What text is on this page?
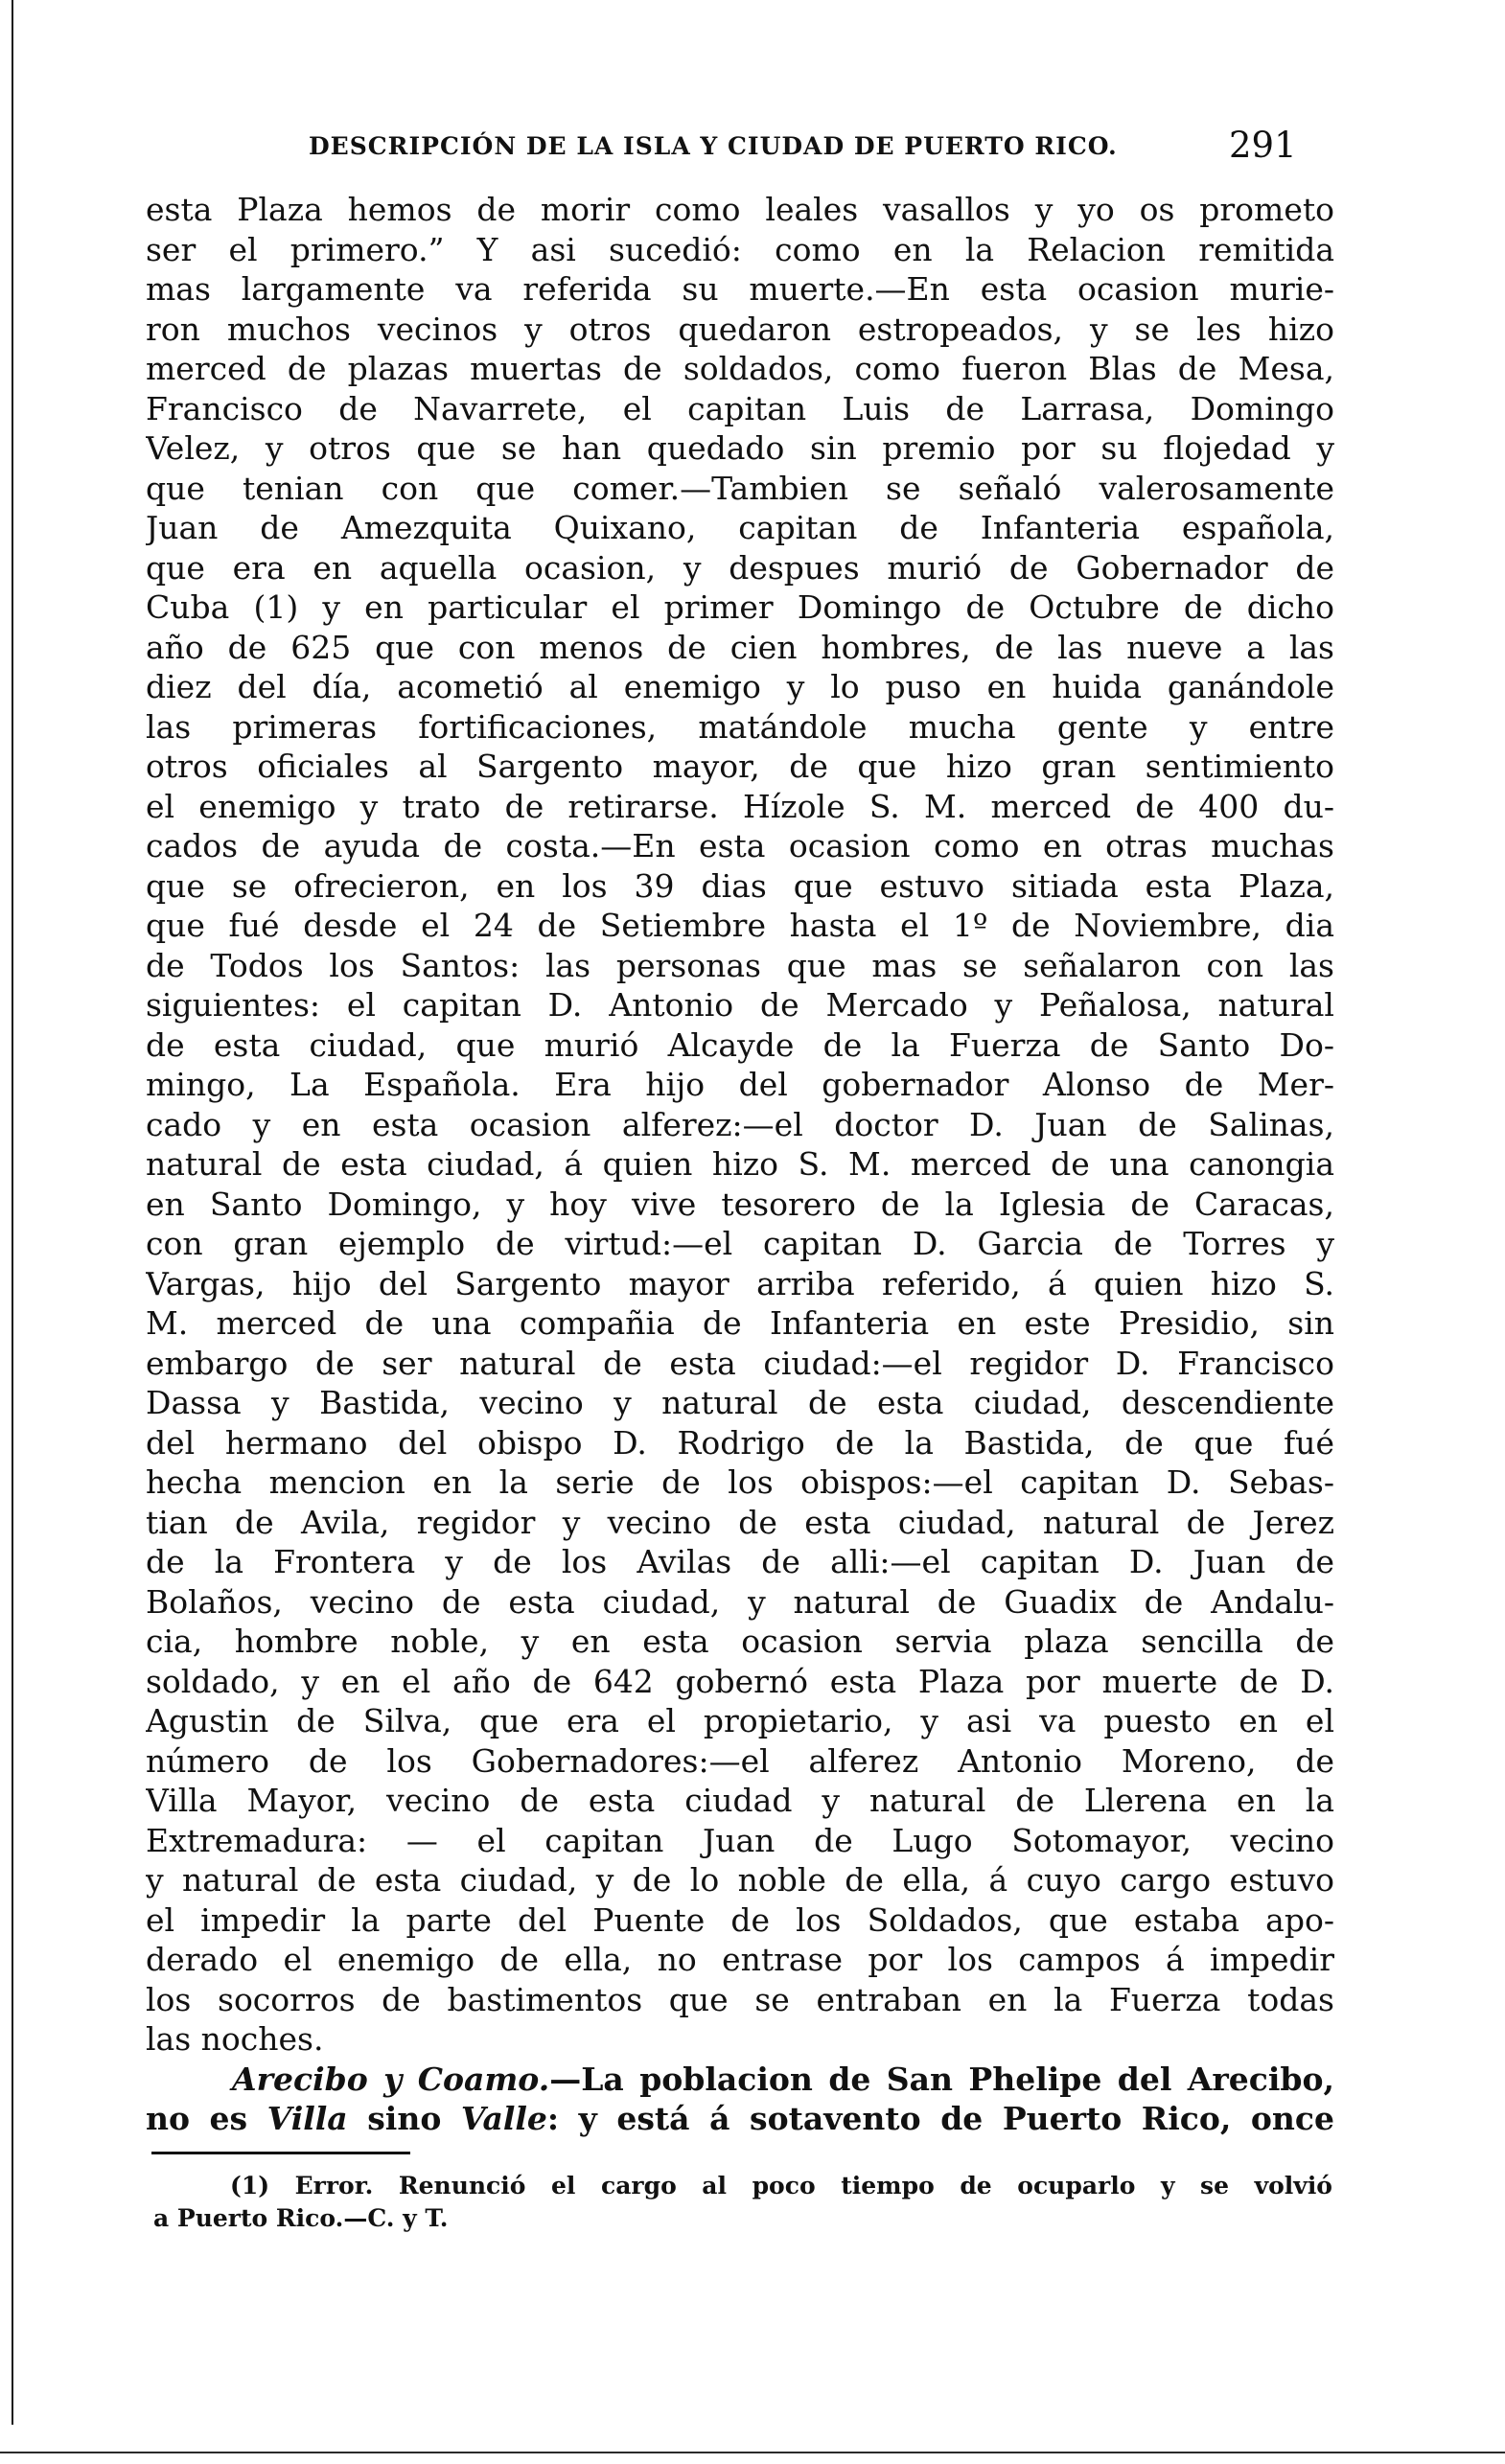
DESCRIPCIÓN DE LA ISLA Y CIUDAD DE PUERTO RICO.	291
esta Plaza hemos de morir como leales vasallos y yo os prometo
ser el primero.” Y asi sucedió: como en la Relacion remitida
mas largamente va referida su muerte.—En esta ocasion murie-
ron muchos vecinos y otros quedaron estropeados, y se les hizo
merced de plazas muertas de soldados, como fueron Blas de Mesa,
Francisco de Navarrete, el capitan Luis de Larrasa, Domingo
Velez, y otros que se han quedado sin premio por su flojedad y
que tenian con que comer.—Tambien se señaló valerosamente
Juan de Amezquita Quixano, capitan de Infanteria española,
que era en aquella ocasion, y despues murió de Gobernador de
Cuba (1) y en particular el primer Domingo de Octubre de dicho
año de 625 que con menos de cien hombres, de las nueve a las
diez del día, acometió al enemigo y lo puso en huida ganándole
las primeras fortificaciones, matándole mucha gente y entre
otros oficiales al Sargento mayor, de que hizo gran sentimiento
el enemigo y trato de retirarse. Hízole S. M. merced de 400 du-
cados de ayuda de costa.—En esta ocasion como en otras muchas
que se ofrecieron, en los 39 dias que estuvo sitiada esta Plaza,
que fué desde el 24 de Setiembre hasta el 1º de Noviembre, dia
de Todos los Santos: las personas que mas se señalaron con las
siguientes: el capitan D. Antonio de Mercado y Peñalosa, natural
de esta ciudad, que murió Alcayde de la Fuerza de Santo Do-
mingo, La Española. Era hijo del gobernador Alonso de Mer-
cado y en esta ocasion alferez:—el doctor D. Juan de Salinas,
natural de esta ciudad, á quien hizo S. M. merced de una canongia
en Santo Domingo, y hoy vive tesorero de la Iglesia de Caracas,
con gran ejemplo de virtud:—el capitan D. Garcia de Torres y
Vargas, hijo del Sargento mayor arriba referido, á quien hizo S.
M. merced de una compañia de Infanteria en este Presidio, sin
embargo de ser natural de esta ciudad:—el regidor D. Francisco
Dassa y Bastida, vecino y natural de esta ciudad, descendiente
del hermano del obispo D. Rodrigo de la Bastida, de que fué
hecha mencion en la serie de los obispos:—el capitan D. Sebas-
tian de Avila, regidor y vecino de esta ciudad, natural de Jerez
de la Frontera y de los Avilas de alli:—el capitan D. Juan de
Bolaños, vecino de esta ciudad, y natural de Guadix de Andalu-
cia, hombre noble, y en esta ocasion servia plaza sencilla de
soldado, y en el año de 642 gobernó esta Plaza por muerte de D.
Agustin de Silva, que era el propietario, y asi va puesto en el
número de los Gobernadores:—el alferez Antonio Moreno, de
Villa Mayor, vecino de esta ciudad y natural de Llerena en la
Extremadura: — el capitan Juan de Lugo Sotomayor, vecino
y natural de esta ciudad, y de lo noble de ella, á cuyo cargo estuvo
el impedir la parte del Puente de los Soldados, que estaba apo-
derado el enemigo de ella, no entrase por los campos á impedir
los socorros de bastimentos que se entraban en la Fuerza todas
las noches.
Arecibo y Coamo.—La poblacion de San Phelipe del Arecibo,
no es Villa sino Valle: y está á sotavento de Puerto Rico, once
(1) Error. Renunció el cargo al poco tiempo de ocuparlo y se volvió
a Puerto Rico.—C. y T.
